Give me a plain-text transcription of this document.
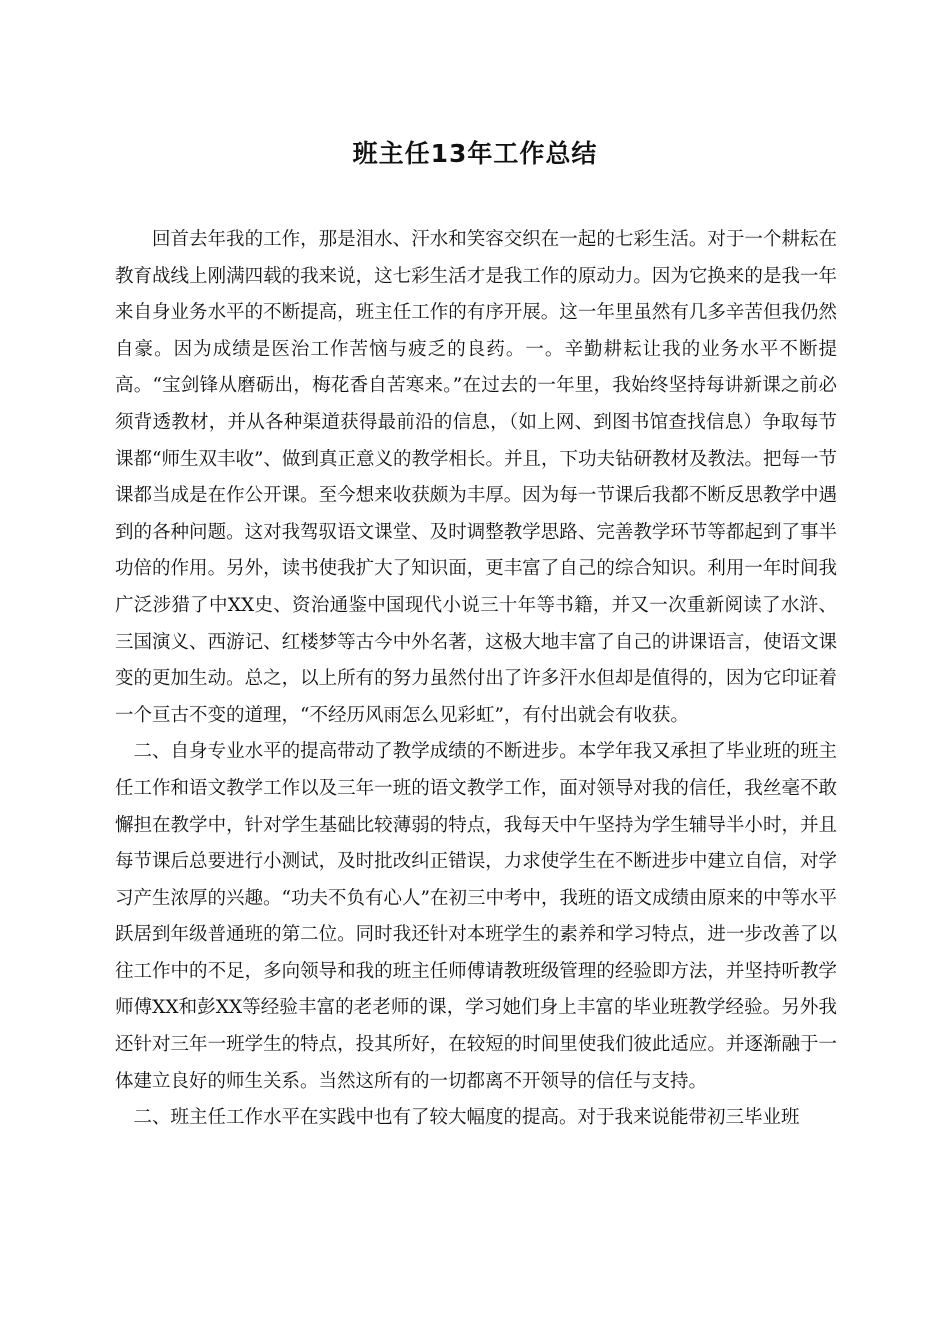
班主任13年工作总结

回首去年我的工作，那是泪水、汗水和笑容交织在一起的七彩生活。对于一个耕耘在教育战线上刚满四载的我来说，这七彩生活才是我工作的原动力。因为它换来的是我一年来自身业务水平的不断提高，班主任工作的有序开展。这一年里虽然有几多辛苦但我仍然自豪。因为成绩是医治工作苦恼与疲乏的良药。一。辛勤耕耘让我的业务水平不断提高。“宝剑锋从磨砺出，梅花香自苦寒来。”在过去的一年里，我始终坚持每讲新课之前必须背透教材，并从各种渠道获得最前沿的信息，（如上网、到图书馆查找信息）争取每节课都“师生双丰收”、做到真正意义的教学相长。并且，下功夫钻研教材及教法。把每一节课都当成是在作公开课。至今想来收获颇为丰厚。因为每一节课后我都不断反思教学中遇到的各种问题。这对我驾驭语文课堂、及时调整教学思路、完善教学环节等都起到了事半功倍的作用。另外，读书使我扩大了知识面，更丰富了自己的综合知识。利用一年时间我广泛涉猎了中XX史、资治通鉴中国现代小说三十年等书籍，并又一次重新阅读了水浒、三国演义、西游记、红楼梦等古今中外名著，这极大地丰富了自己的讲课语言，使语文课变的更加生动。总之，以上所有的努力虽然付出了许多汗水但却是值得的，因为它印证着一个亘古不变的道理，“不经历风雨怎么见彩虹”，有付出就会有收获。

二、自身专业水平的提高带动了教学成绩的不断进步。本学年我又承担了毕业班的班主任工作和语文教学工作以及三年一班的语文教学工作，面对领导对我的信任，我丝毫不敢懈担在教学中，针对学生基础比较薄弱的特点，我每天中午坚持为学生辅导半小时，并且每节课后总要进行小测试，及时批改纠正错误，力求使学生在不断进步中建立自信，对学习产生浓厚的兴趣。“功夫不负有心人”在初三中考中，我班的语文成绩由原来的中等水平跃居到年级普通班的第二位。同时我还针对本班学生的素养和学习特点，进一步改善了以往工作中的不足，多向领导和我的班主任师傅请教班级管理的经验即方法，并坚持听教学师傅XX和彭XX等经验丰富的老老师的课，学习她们身上丰富的毕业班教学经验。另外我还针对三年一班学生的特点，投其所好，在较短的时间里使我们彼此适应。并逐渐融于一体建立良好的师生关系。当然这所有的一切都离不开领导的信任与支持。

二、班主任工作水平在实践中也有了较大幅度的提高。对于我来说能带初三毕业班
